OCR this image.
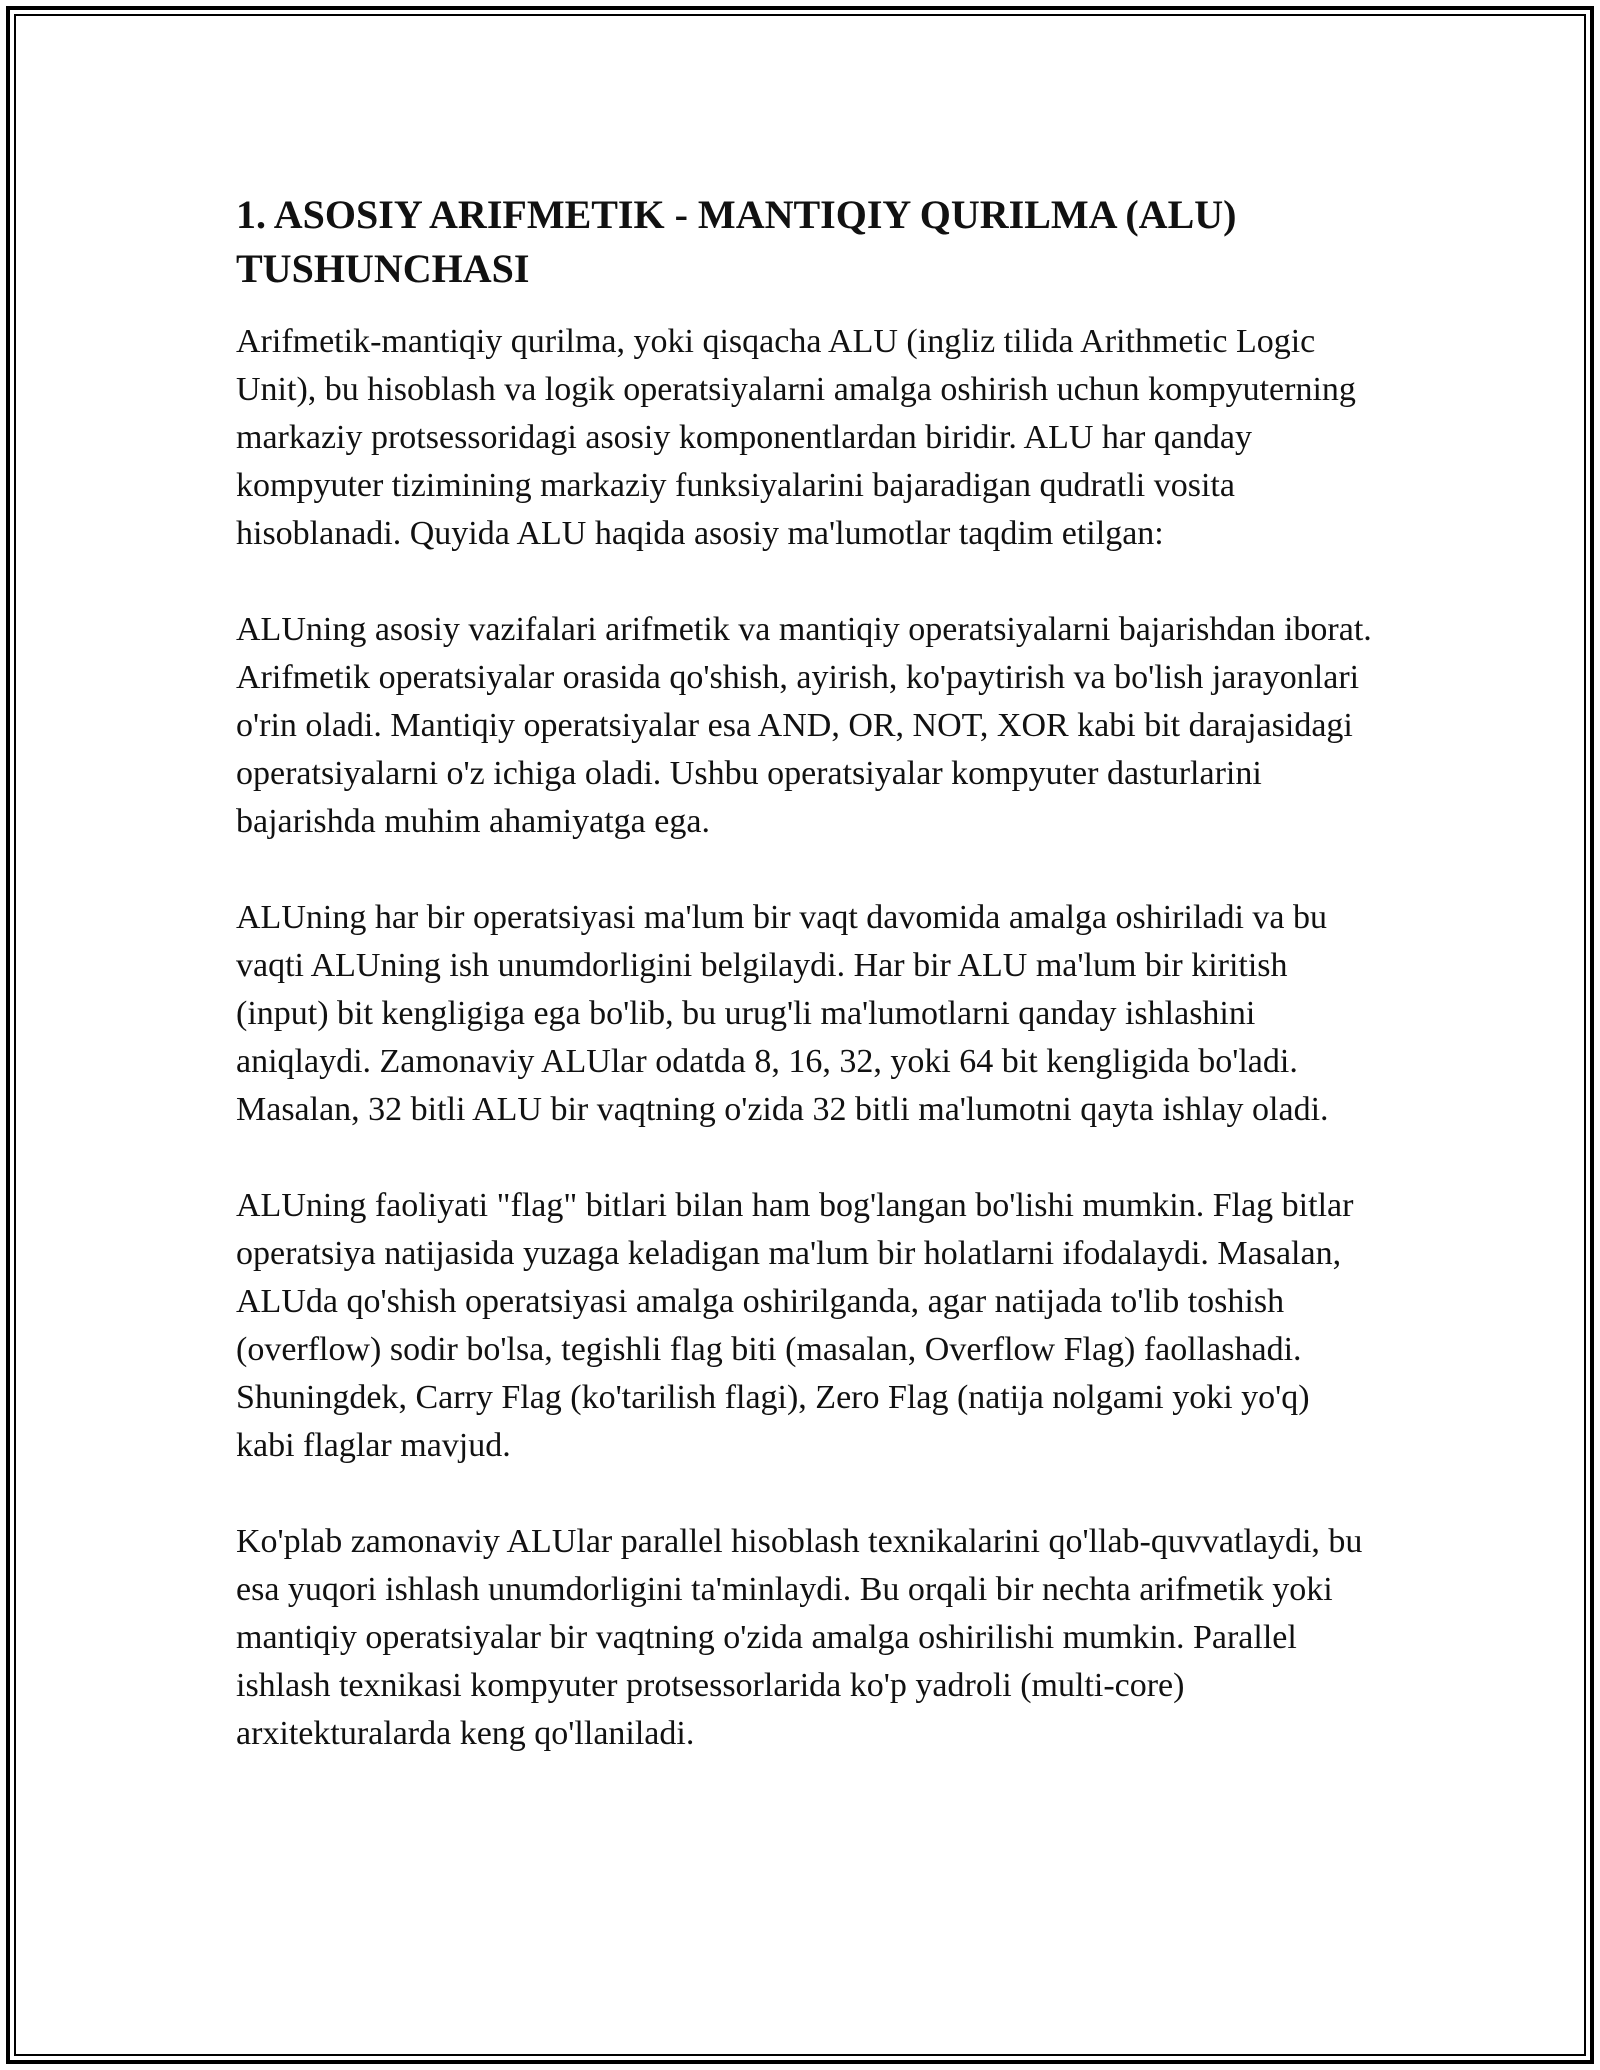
1. ASOSIY ARIFMETIK - MANTIQIY QURILMA (ALU) TUSHUNCHASI

Arifmetik-mantiqiy qurilma, yoki qisqacha ALU (ingliz tilida Arithmetic Logic Unit), bu hisoblash va logik operatsiyalarni amalga oshirish uchun kompyuterning markaziy protsessoridagi asosiy komponentlardan biridir. ALU har qanday kompyuter tizimining markaziy funksiyalarini bajaradigan qudratli vosita hisoblanadi. Quyida ALU haqida asosiy ma'lumotlar taqdim etilgan:

ALUning asosiy vazifalari arifmetik va mantiqiy operatsiyalarni bajarishdan iborat. Arifmetik operatsiyalar orasida qo'shish, ayirish, ko'paytirish va bo'lish jarayonlari o'rin oladi. Mantiqiy operatsiyalar esa AND, OR, NOT, XOR kabi bit darajasidagi operatsiyalarni o'z ichiga oladi. Ushbu operatsiyalar kompyuter dasturlarini bajarishda muhim ahamiyatga ega.

ALUning har bir operatsiyasi ma'lum bir vaqt davomida amalga oshiriladi va bu vaqti ALUning ish unumdorligini belgilaydi. Har bir ALU ma'lum bir kiritish (input) bit kengligiga ega bo'lib, bu urug'li ma'lumotlarni qanday ishlashini aniqlaydi. Zamonaviy ALUlar odatda 8, 16, 32, yoki 64 bit kengligida bo'ladi. Masalan, 32 bitli ALU bir vaqtning o'zida 32 bitli ma'lumotni qayta ishlay oladi.

ALUning faoliyati "flag" bitlari bilan ham bog'langan bo'lishi mumkin. Flag bitlar operatsiya natijasida yuzaga keladigan ma'lum bir holatlarni ifodalaydi. Masalan, ALUda qo'shish operatsiyasi amalga oshirilganda, agar natijada to'lib toshish (overflow) sodir bo'lsa, tegishli flag biti (masalan, Overflow Flag) faollashadi. Shuningdek, Carry Flag (ko'tarilish flagi), Zero Flag (natija nolgami yoki yo'q) kabi flaglar mavjud.

Ko'plab zamonaviy ALUlar parallel hisoblash texnikalarini qo'llab-quvvatlaydi, bu esa yuqori ishlash unumdorligini ta'minlaydi. Bu orqali bir nechta arifmetik yoki mantiqiy operatsiyalar bir vaqtning o'zida amalga oshirilishi mumkin. Parallel ishlash texnikasi kompyuter protsessorlarida ko'p yadroli (multi-core) arxitekturalarda keng qo'llaniladi.
